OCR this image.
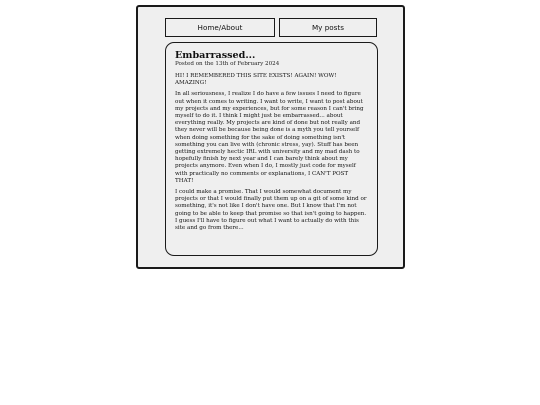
Home/About	My posts
Embarrassed...
Posted on the 13th of February 2024

HI! I REMEMBERED THIS SITE EXISTS! AGAIN! WOW! AMAZING!

In all seriousness, I realize I do have a few issues I need to figure out when it comes to writing. I want to write, I want to post about my projects and my experiences, but for some reason I can't bring myself to do it. I think I might just be embarrassed... about everything really. My projects are kind of done but not really and they never will be because being done is a myth you tell yourself when doing something for the sake of doing something isn't something you can live with (chronic stress, yay). Stuff has been getting extremely hectic IRL with university and my mad dash to hopefully finish by next year and I can barely think about my projects anymore. Even when I do, I mostly just code for myself with practically no comments or explanations, I CAN'T POST THAT!

I could make a promise. That I would somewhat document my projects or that I would finally put them up on a git of some kind or something, it's not like I don't have one. But I know that I'm not going to be able to keep that promise so that isn't going to happen. I guess I'll have to figure out what I want to actually do with this site and go from there...
